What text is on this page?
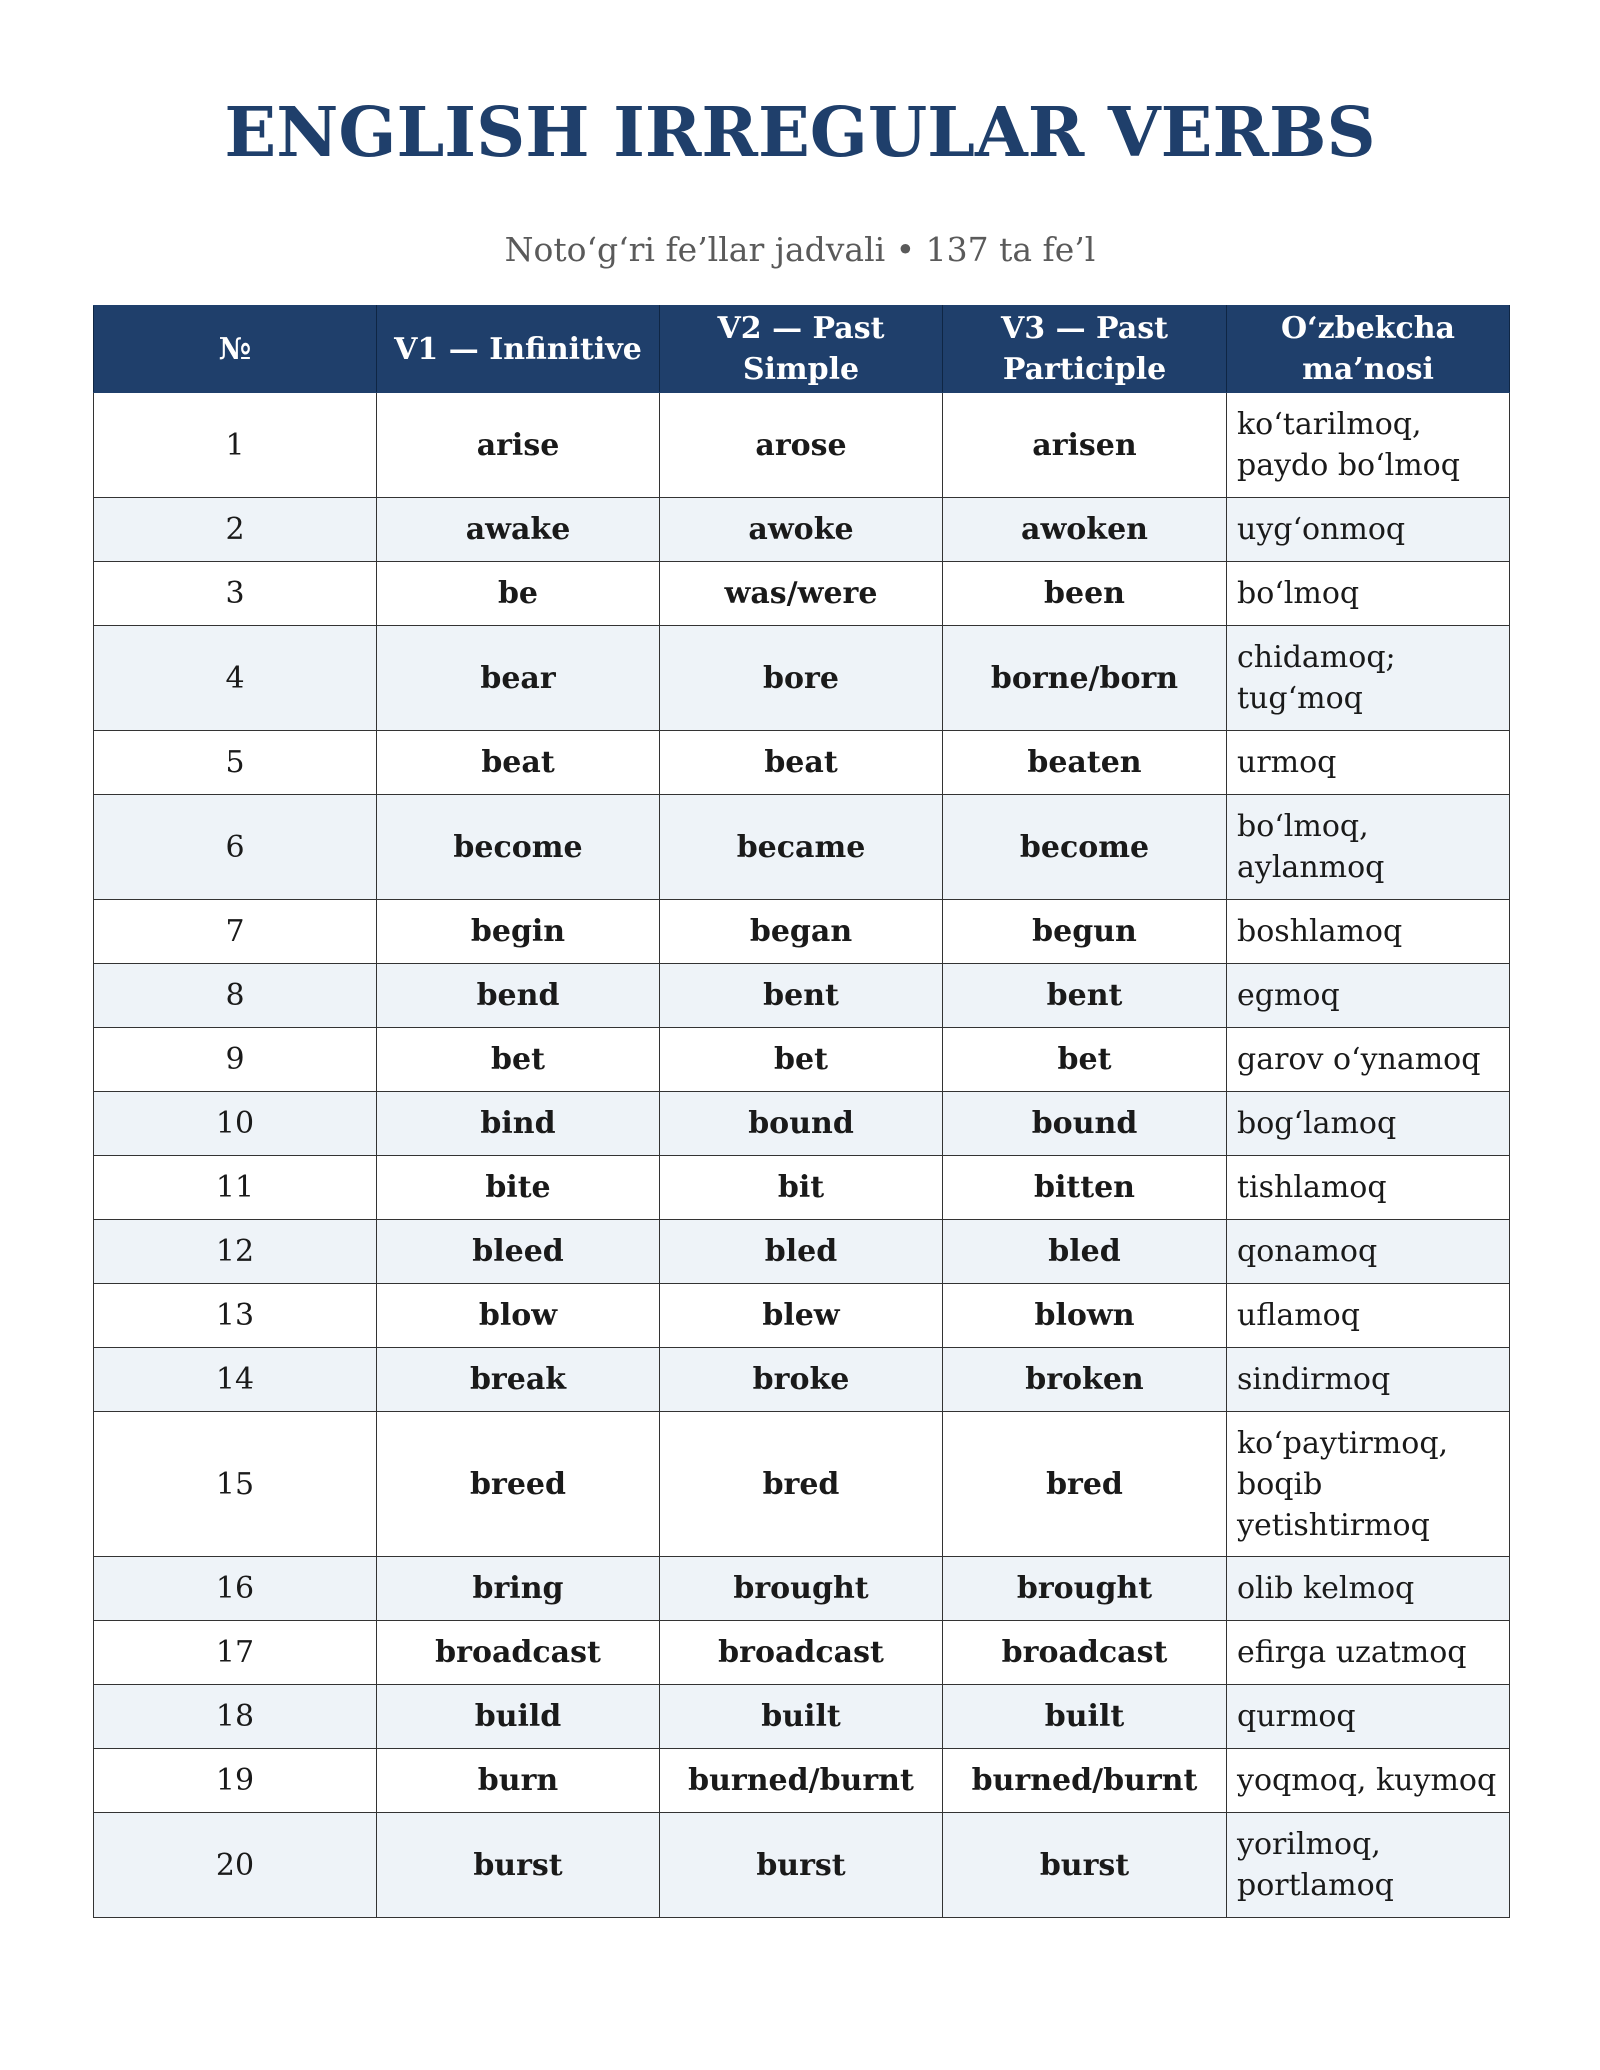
ENGLISH IRREGULAR VERBS

Noto‘g‘ri fe’llar jadvali • 137 ta fe’l

№	V1 — Infinitive	V2 — Past Simple	V3 — Past Participle	O‘zbekcha ma’nosi
1	arise	arose	arisen	ko‘tarilmoq, paydo bo‘lmoq
2	awake	awoke	awoken	uyg‘onmoq
3	be	was/were	been	bo‘lmoq
4	bear	bore	borne/born	chidamoq; tug‘moq
5	beat	beat	beaten	urmoq
6	become	became	become	bo‘lmoq, aylanmoq
7	begin	began	begun	boshlamoq
8	bend	bent	bent	egmoq
9	bet	bet	bet	garov o‘ynamoq
10	bind	bound	bound	bog‘lamoq
11	bite	bit	bitten	tishlamoq
12	bleed	bled	bled	qonamoq
13	blow	blew	blown	uflamoq
14	break	broke	broken	sindirmoq
15	breed	bred	bred	ko‘paytirmoq, boqib yetishtirmoq
16	bring	brought	brought	olib kelmoq
17	broadcast	broadcast	broadcast	efirga uzatmoq
18	build	built	built	qurmoq
19	burn	burned/burnt	burned/burnt	yoqmoq, kuymoq
20	burst	burst	burst	yorilmoq, portlamoq
